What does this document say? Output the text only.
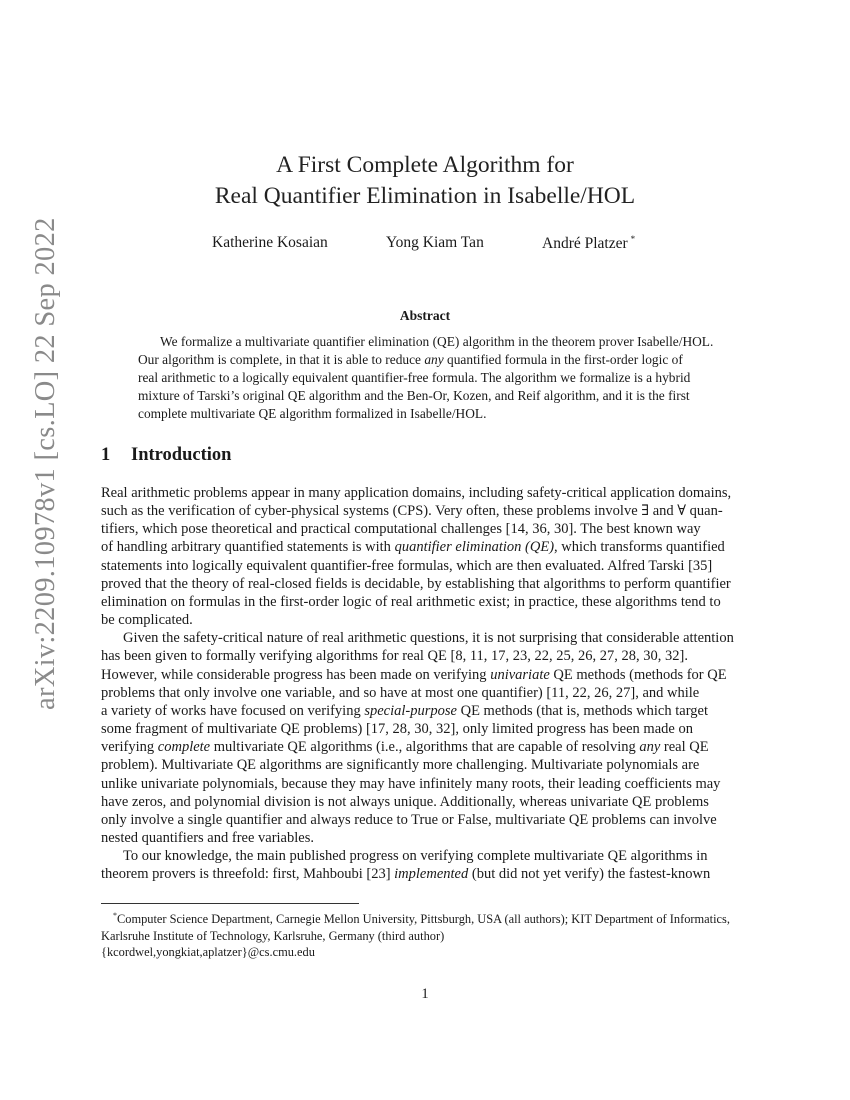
arXiv:2209.10978v1 [cs.LO] 22 Sep 2022
A First Complete Algorithm for
Real Quantifier Elimination in Isabelle/HOL
Katherine Kosaian	Yong Kiam Tan	André Platzer *
Abstract
We formalize a multivariate quantifier elimination (QE) algorithm in the theorem prover Isabelle/HOL.
Our algorithm is complete, in that it is able to reduce any quantified formula in the first-order logic of
real arithmetic to a logically equivalent quantifier-free formula. The algorithm we formalize is a hybrid
mixture of Tarski’s original QE algorithm and the Ben-Or, Kozen, and Reif algorithm, and it is the first
complete multivariate QE algorithm formalized in Isabelle/HOL.
1 Introduction
Real arithmetic problems appear in many application domains, including safety-critical application domains,
such as the verification of cyber-physical systems (CPS). Very often, these problems involve ∃ and ∀ quan-
tifiers, which pose theoretical and practical computational challenges [14, 36, 30]. The best known way
of handling arbitrary quantified statements is with quantifier elimination (QE), which transforms quantified
statements into logically equivalent quantifier-free formulas, which are then evaluated. Alfred Tarski [35]
proved that the theory of real-closed fields is decidable, by establishing that algorithms to perform quantifier
elimination on formulas in the first-order logic of real arithmetic exist; in practice, these algorithms tend to
be complicated.
Given the safety-critical nature of real arithmetic questions, it is not surprising that considerable attention
has been given to formally verifying algorithms for real QE [8, 11, 17, 23, 22, 25, 26, 27, 28, 30, 32].
However, while considerable progress has been made on verifying univariate QE methods (methods for QE
problems that only involve one variable, and so have at most one quantifier) [11, 22, 26, 27], and while
a variety of works have focused on verifying special-purpose QE methods (that is, methods which target
some fragment of multivariate QE problems) [17, 28, 30, 32], only limited progress has been made on
verifying complete multivariate QE algorithms (i.e., algorithms that are capable of resolving any real QE
problem). Multivariate QE algorithms are significantly more challenging. Multivariate polynomials are
unlike univariate polynomials, because they may have infinitely many roots, their leading coefficients may
have zeros, and polynomial division is not always unique. Additionally, whereas univariate QE problems
only involve a single quantifier and always reduce to True or False, multivariate QE problems can involve
nested quantifiers and free variables.
To our knowledge, the main published progress on verifying complete multivariate QE algorithms in
theorem provers is threefold: first, Mahboubi [23] implemented (but did not yet verify) the fastest-known
*Computer Science Department, Carnegie Mellon University, Pittsburgh, USA (all authors); KIT Department of Informatics,
Karlsruhe Institute of Technology, Karlsruhe, Germany (third author)
{kcordwel,yongkiat,aplatzer}@cs.cmu.edu
1
